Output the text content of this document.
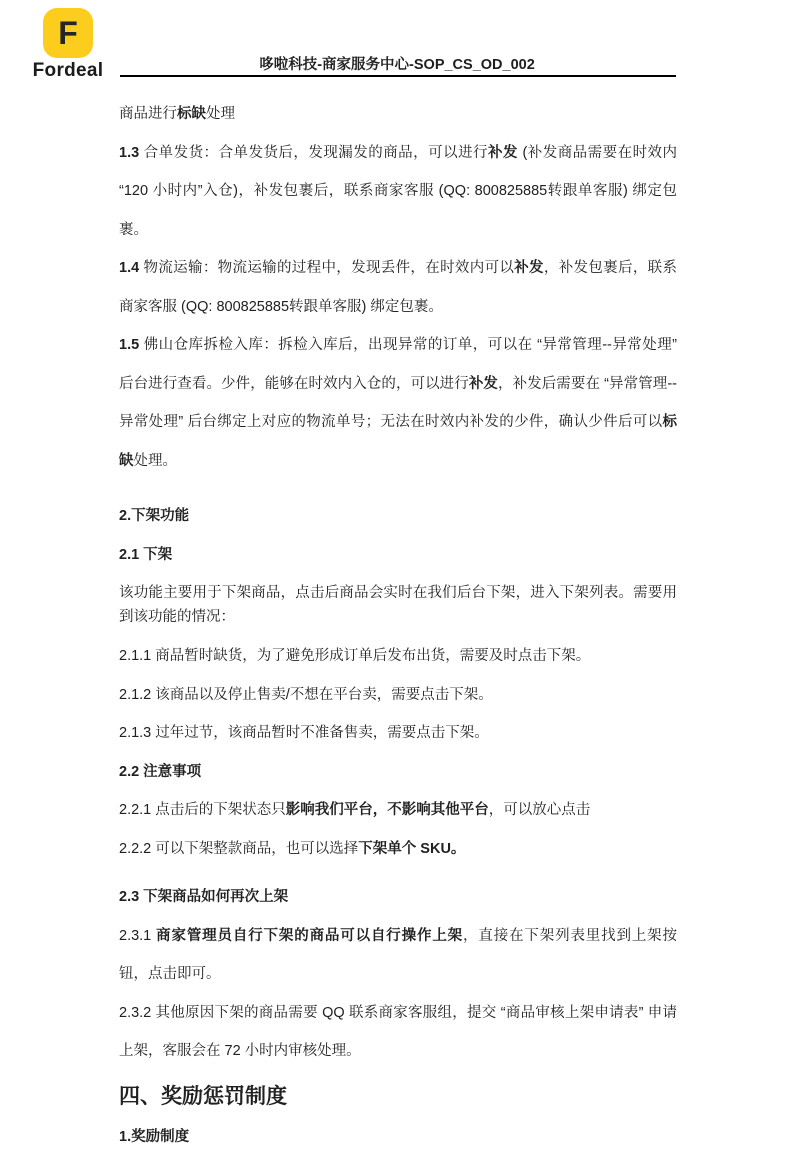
F
Fordeal	哆啦科技-商家服务中心-SOP_CS_OD_002

商品进行标缺处理

1.3 合单发货：合单发货后，发现漏发的商品，可以进行补发 (补发商品需要在时效内 “120 小时内”入仓)，补发包裹后，联系商家客服 (QQ: 800825885转跟单客服) 绑定包裹。

1.4 物流运输：物流运输的过程中，发现丢件，在时效内可以补发，补发包裹后，联系商家客服 (QQ: 800825885转跟单客服) 绑定包裹。

1.5 佛山仓库拆检入库：拆检入库后，出现异常的订单，可以在 “异常管理--异常处理” 后台进行查看。少件，能够在时效内入仓的，可以进行补发，补发后需要在 “异常管理--异常处理” 后台绑定上对应的物流单号；无法在时效内补发的少件，确认少件后可以标缺处理。

2.下架功能

2.1 下架

该功能主要用于下架商品，点击后商品会实时在我们后台下架，进入下架列表。需要用到该功能的情况：

2.1.1 商品暂时缺货，为了避免形成订单后发布出货，需要及时点击下架。

2.1.2 该商品以及停止售卖/不想在平台卖，需要点击下架。

2.1.3 过年过节，该商品暂时不准备售卖，需要点击下架。

2.2 注意事项

2.2.1 点击后的下架状态只影响我们平台，不影响其他平台，可以放心点击

2.2.2 可以下架整款商品，也可以选择下架单个 SKU。

2.3 下架商品如何再次上架

2.3.1 商家管理员自行下架的商品可以自行操作上架，直接在下架列表里找到上架按钮，点击即可。

2.3.2 其他原因下架的商品需要 QQ 联系商家客服组，提交 “商品审核上架申请表” 申请上架，客服会在 72 小时内审核处理。

四、奖励惩罚制度

1.奖励制度
